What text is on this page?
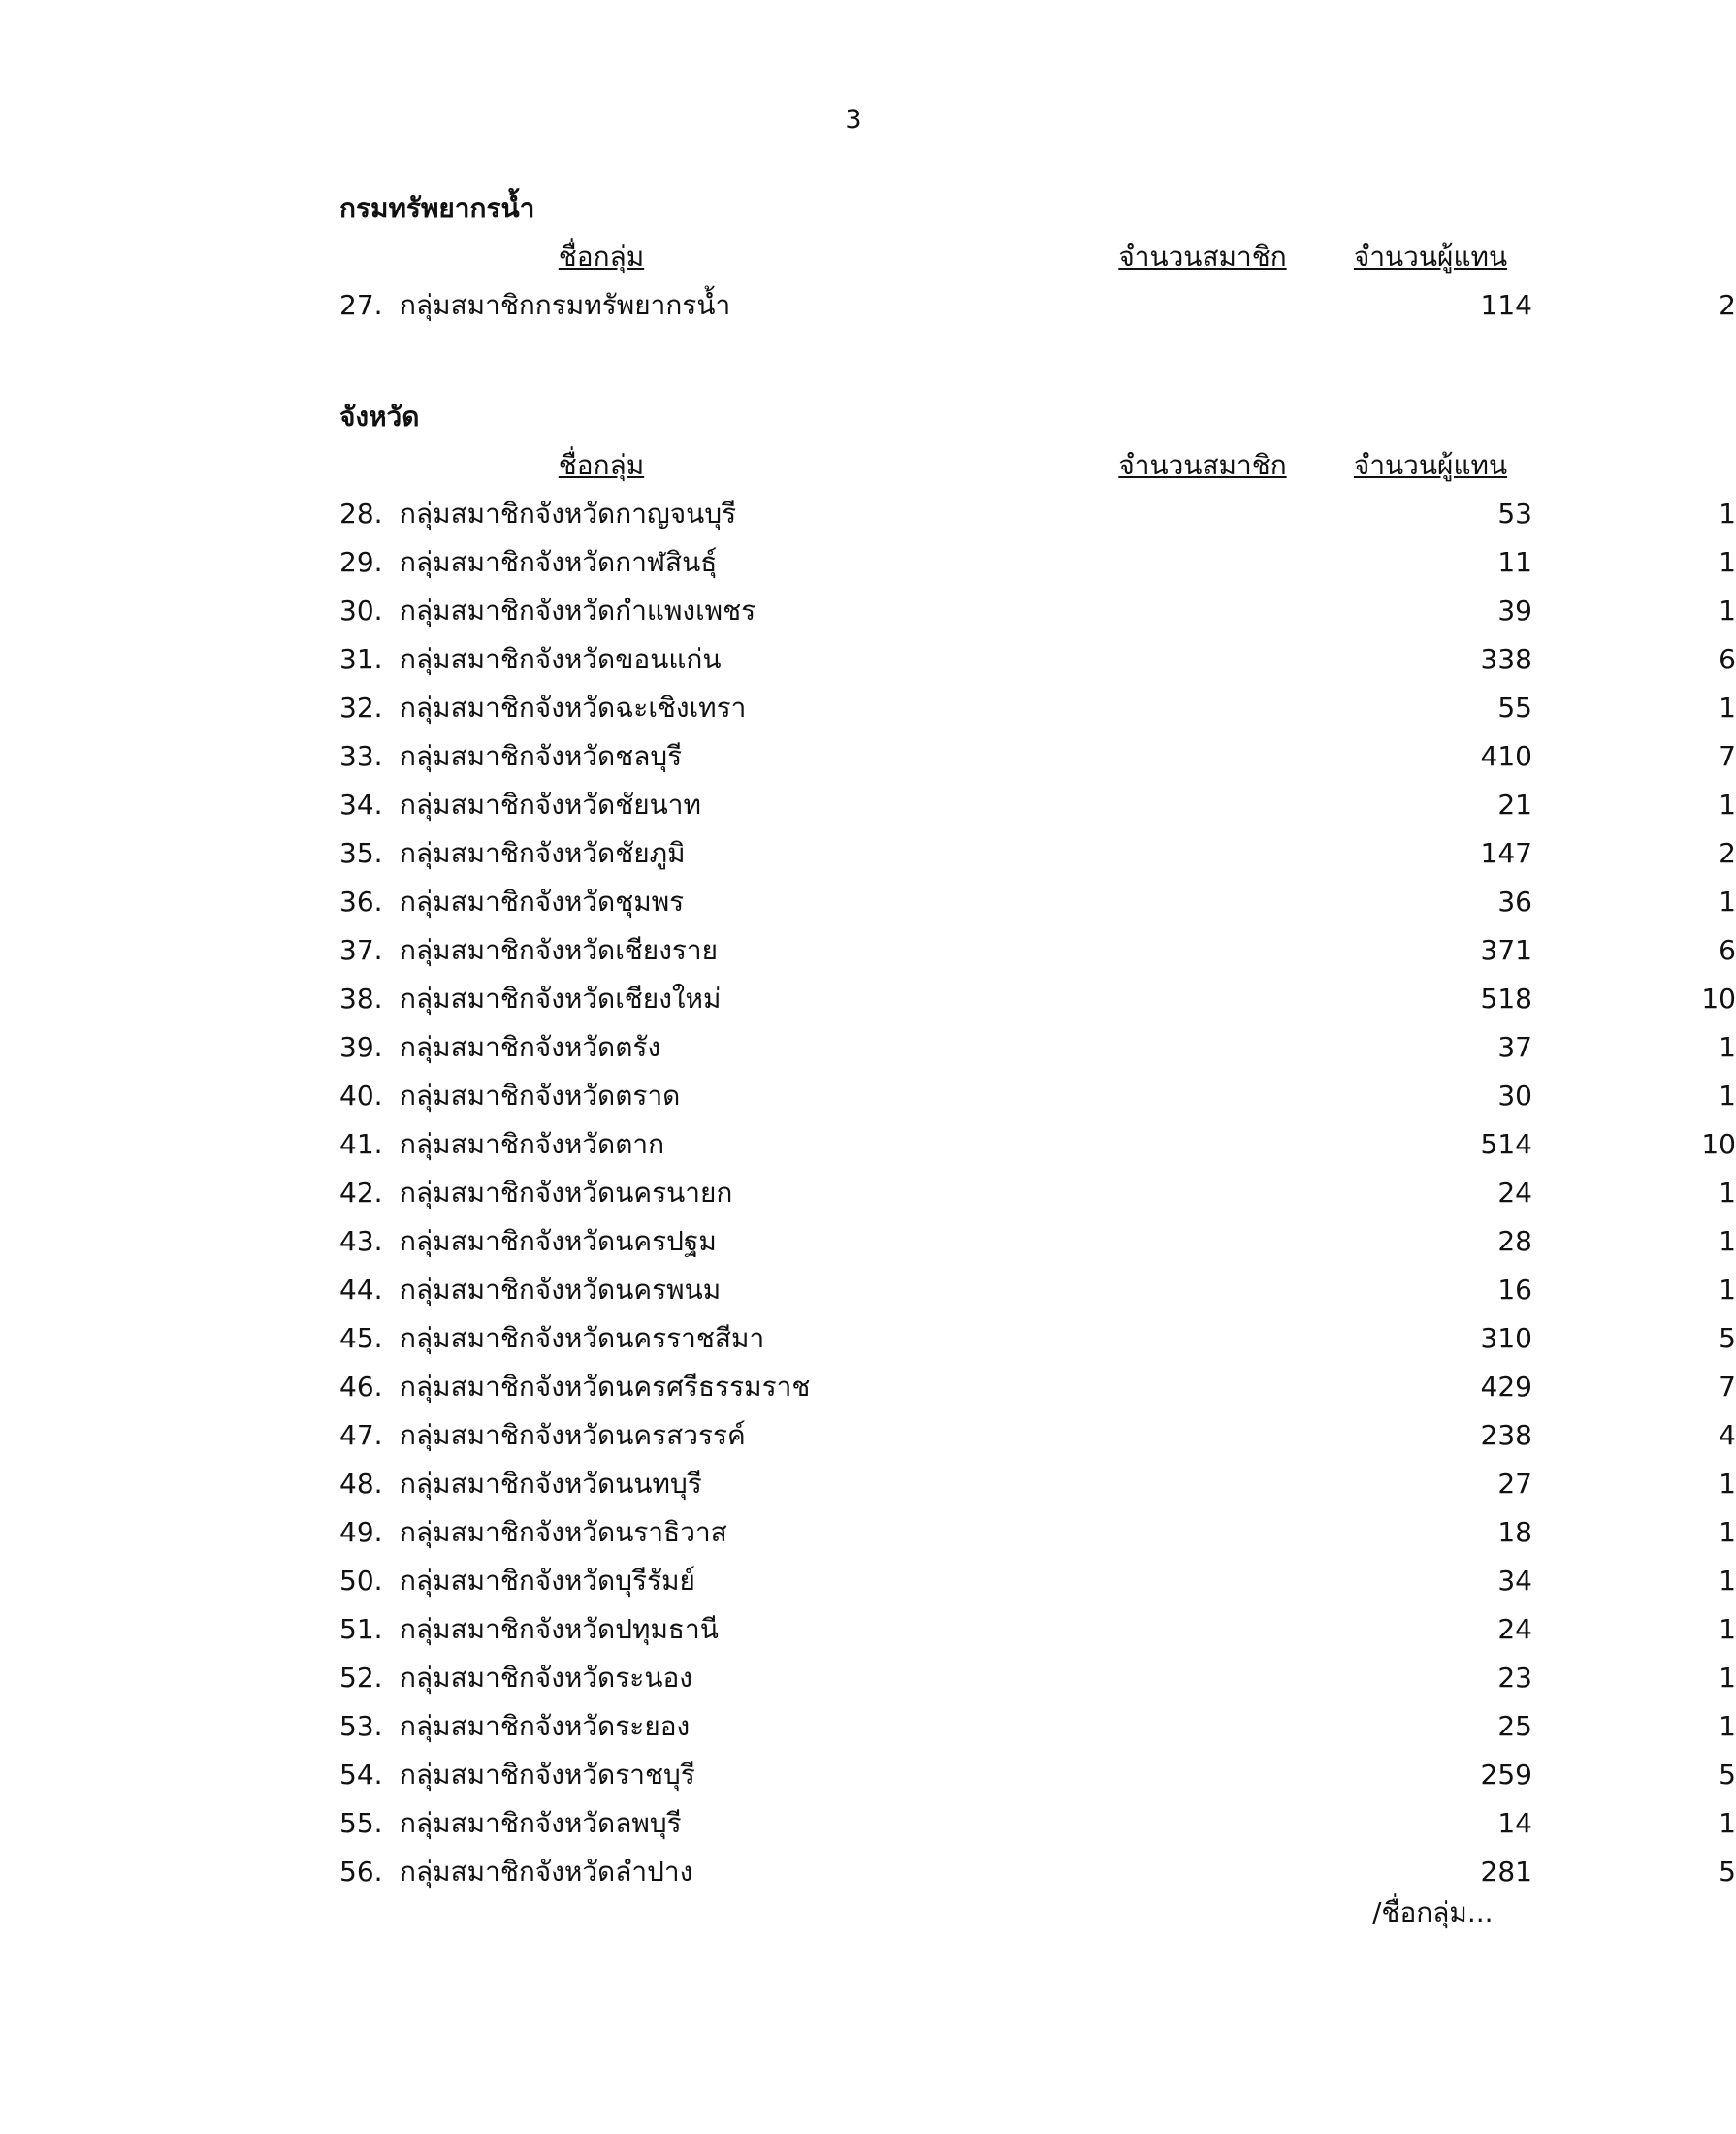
3
กรมทรัพยากรน้ำ
ชื่อกลุ่ม	จำนวนสมาชิก	จำนวนผู้แทน
27. กลุ่มสมาชิกกรมทรัพยากรน้ำ	114	2
จังหวัด
ชื่อกลุ่ม	จำนวนสมาชิก	จำนวนผู้แทน
28. กลุ่มสมาชิกจังหวัดกาญจนบุรี	53	1
29. กลุ่มสมาชิกจังหวัดกาฬสินธุ์	11	1
30. กลุ่มสมาชิกจังหวัดกำแพงเพชร	39	1
31. กลุ่มสมาชิกจังหวัดขอนแก่น	338	6
32. กลุ่มสมาชิกจังหวัดฉะเชิงเทรา	55	1
33. กลุ่มสมาชิกจังหวัดชลบุรี	410	7
34. กลุ่มสมาชิกจังหวัดชัยนาท	21	1
35. กลุ่มสมาชิกจังหวัดชัยภูมิ	147	2
36. กลุ่มสมาชิกจังหวัดชุมพร	36	1
37. กลุ่มสมาชิกจังหวัดเชียงราย	371	6
38. กลุ่มสมาชิกจังหวัดเชียงใหม่	518	10
39. กลุ่มสมาชิกจังหวัดตรัง	37	1
40. กลุ่มสมาชิกจังหวัดตราด	30	1
41. กลุ่มสมาชิกจังหวัดตาก	514	10
42. กลุ่มสมาชิกจังหวัดนครนายก	24	1
43. กลุ่มสมาชิกจังหวัดนครปฐม	28	1
44. กลุ่มสมาชิกจังหวัดนครพนม	16	1
45. กลุ่มสมาชิกจังหวัดนครราชสีมา	310	5
46. กลุ่มสมาชิกจังหวัดนครศรีธรรมราช	429	7
47. กลุ่มสมาชิกจังหวัดนครสวรรค์	238	4
48. กลุ่มสมาชิกจังหวัดนนทบุรี	27	1
49. กลุ่มสมาชิกจังหวัดนราธิวาส	18	1
50. กลุ่มสมาชิกจังหวัดบุรีรัมย์	34	1
51. กลุ่มสมาชิกจังหวัดปทุมธานี	24	1
52. กลุ่มสมาชิกจังหวัดระนอง	23	1
53. กลุ่มสมาชิกจังหวัดระยอง	25	1
54. กลุ่มสมาชิกจังหวัดราชบุรี	259	5
55. กลุ่มสมาชิกจังหวัดลพบุรี	14	1
56. กลุ่มสมาชิกจังหวัดลำปาง	281	5
/ชื่อกลุ่ม...
